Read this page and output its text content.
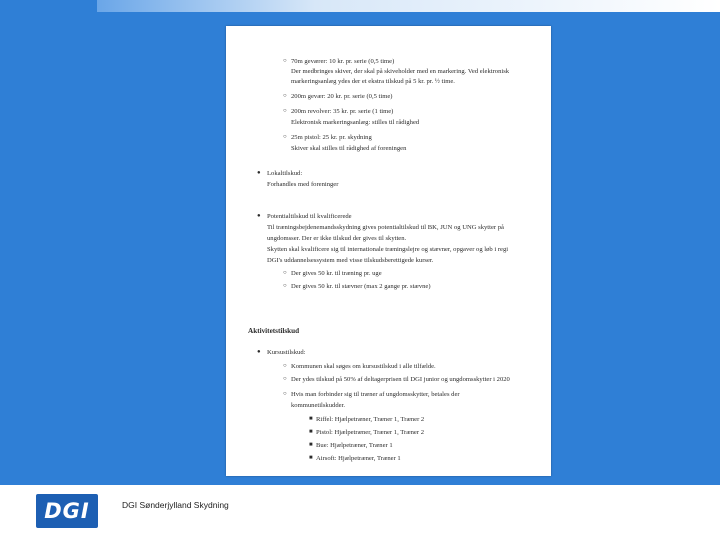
○ 70m geværer: 10 kr. pr. serie (0,5 time)
Der medbringes skiver, der skal på skiveholder med en markering. Ved elektronisk
markeringsanlæg ydes der et ekstra tilskud på 5 kr. pr. ½ time.
○ 200m gevær: 20 kr. pr. serie (0,5 time)
○ 200m revolver: 35 kr. pr. serie (1 time)
Elektronisk markeringsanlæg: stilles til rådighed
○ 25m pistol: 25 kr. pr. skydning
Skiver skal stilles til rådighed af foreningen
● Lokaltilskud:
Forhandles med foreninger
● Potentialtilskud til kvalificerede
Til træningsbejdenemandsskydning gives potentialtilskud til BK, JUN og UNG skytter på
ungdomsser. Der er ikke tilskud der gives til skytten.
Skytten skal kvalificere sig til internationale træningslejre og stævner, opgaver og løb i regi
DGI's uddannelsessystem med visse tilskudsberettigede kurser.
○ Der gives 50 kr. til træning pr. uge
○ Der gives 50 kr. til stævner (max 2 gange pr. stævne)
Aktivitetstilskud
● Kursustilskud:
○ Kommunen skal søges om kursustilskud i alle tilfælde.
○ Der ydes tilskud på 50% af deltagerprisen til DGI junior og ungdomsskytter i 2020
○ Hvis man forbinder sig til træner af ungdomsskytter, betales der
kommunetilskudder.
■ Riffel: Hjælpetræner, Træner 1, Træner 2
■ Pistol: Hjælpetræner, Træner 1, Træner 2
■ Bue: Hjælpetræner, Træner 1
■ Airsoft: Hjælpetræner, Træner 1
DGI	DGI Sønderjylland Skydning
